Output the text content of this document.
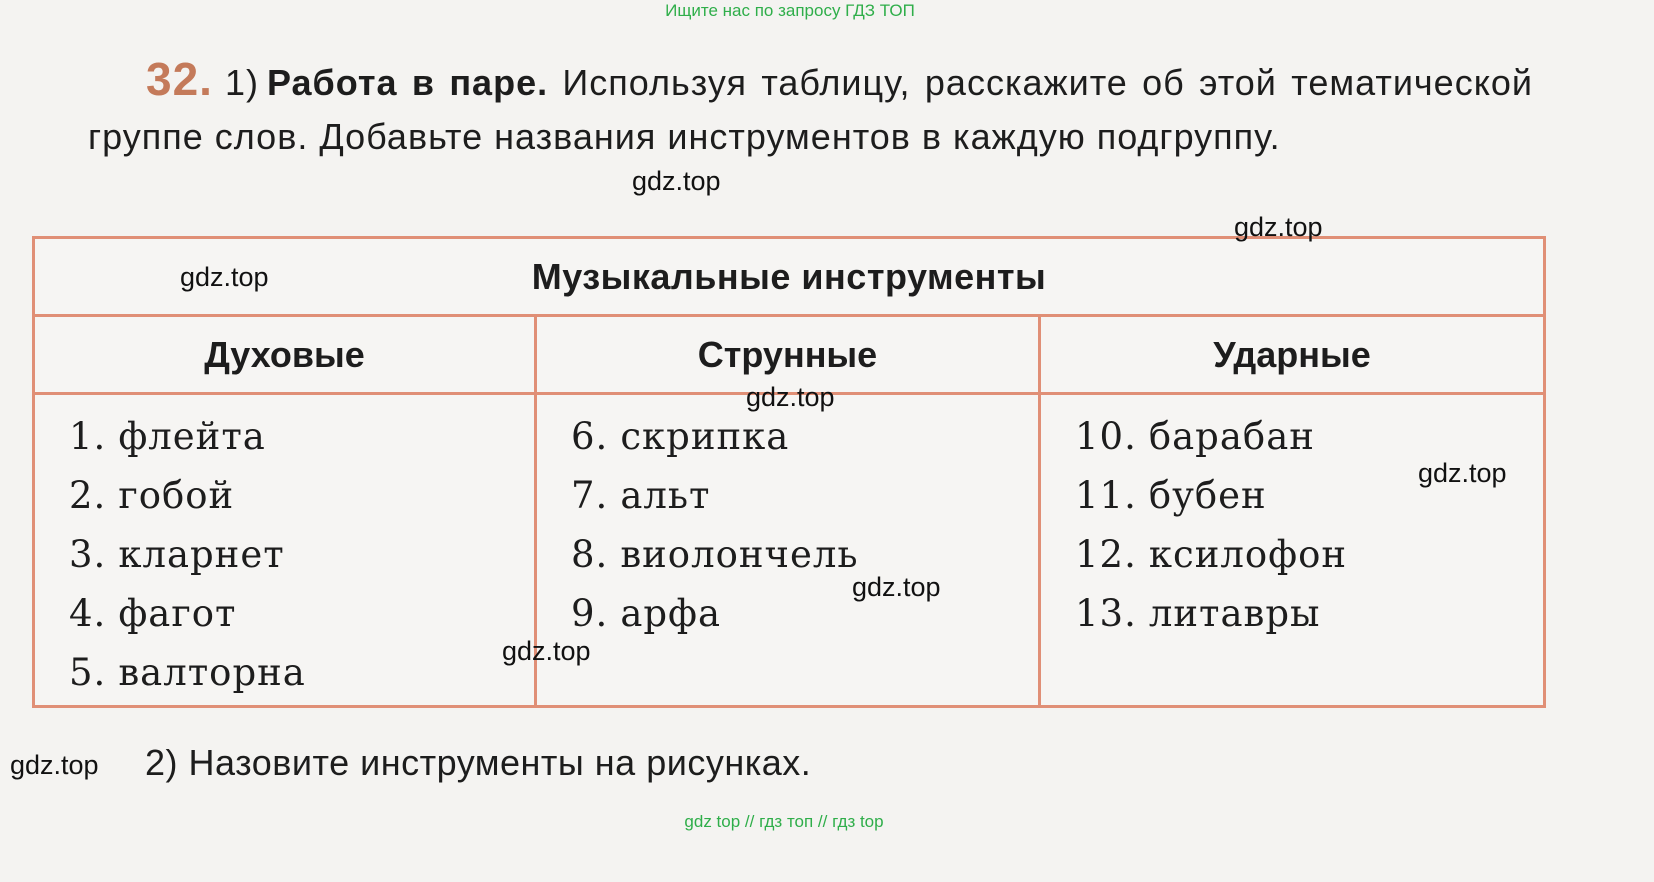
Ищите нас по запросу ГДЗ ТОП
32. 1) Работа в паре. Используя таблицу, расскажите об этой тематической группе слов. Добавьте названия инструментов в каждую подгруппу.
Музыкальные инструменты
Духовые	Струнные	Ударные
1. флейта
2. гобой
3. кларнет
4. фагот
5. валторна
6. скрипка
7. альт
8. виолончель
9. арфа
10. барабан
11. бубен
12. ксилофон
13. литавры
2) Назовите инструменты на рисунках.
gdz.top
gdz.top
gdz.top
gdz.top
gdz.top
gdz.top
gdz.top
gdz.top
gdz top // гдз топ // гдз top
